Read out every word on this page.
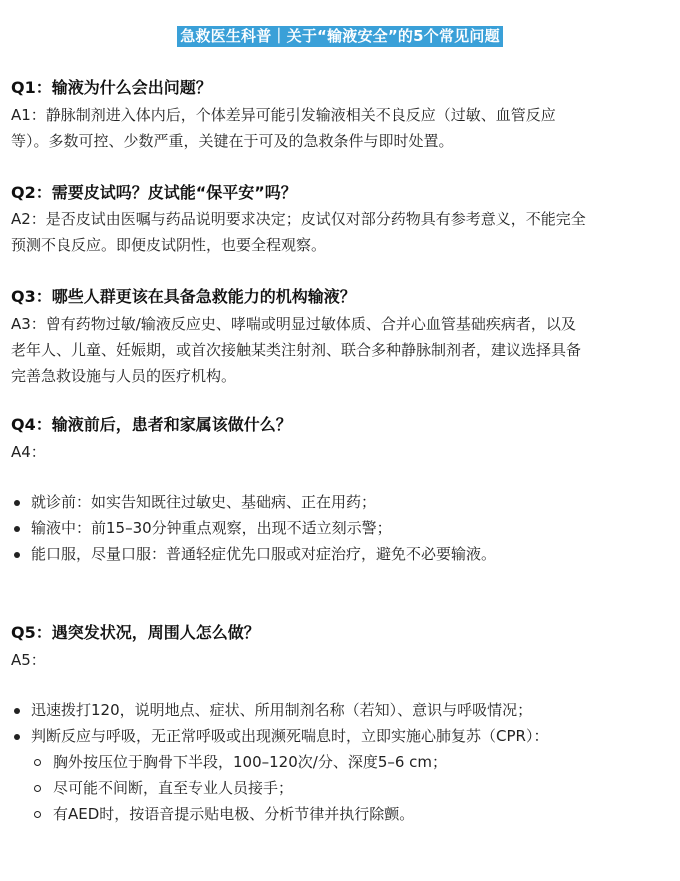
急救医生科普｜关于“输液安全”的5个常见问题
Q1：输液为什么会出问题？
A1：静脉制剂进入体内后，个体差异可能引发输液相关不良反应（过敏、血管反应
等）。多数可控、少数严重，关键在于可及的急救条件与即时处置。
Q2：需要皮试吗？皮试能“保平安”吗？
A2：是否皮试由医嘱与药品说明要求决定；皮试仅对部分药物具有参考意义，不能完全
预测不良反应。即便皮试阴性，也要全程观察。
Q3：哪些人群更该在具备急救能力的机构输液？
A3：曾有药物过敏/输液反应史、哮喘或明显过敏体质、合并心血管基础疾病者，以及
老年人、儿童、妊娠期，或首次接触某类注射剂、联合多种静脉制剂者，建议选择具备
完善急救设施与人员的医疗机构。
Q4：输液前后，患者和家属该做什么？
A4：
就诊前：如实告知既往过敏史、基础病、正在用药；
输液中：前15–30分钟重点观察，出现不适立刻示警；
能口服，尽量口服：普通轻症优先口服或对症治疗，避免不必要输液。
Q5：遇突发状况，周围人怎么做？
A5：
迅速拨打120，说明地点、症状、所用制剂名称（若知）、意识与呼吸情况；
判断反应与呼吸，无正常呼吸或出现濒死喘息时，立即实施心肺复苏（CPR）：
胸外按压位于胸骨下半段，100–120次/分、深度5–6 cm；
尽可能不间断，直至专业人员接手；
有AED时，按语音提示贴电极、分析节律并执行除颤。
